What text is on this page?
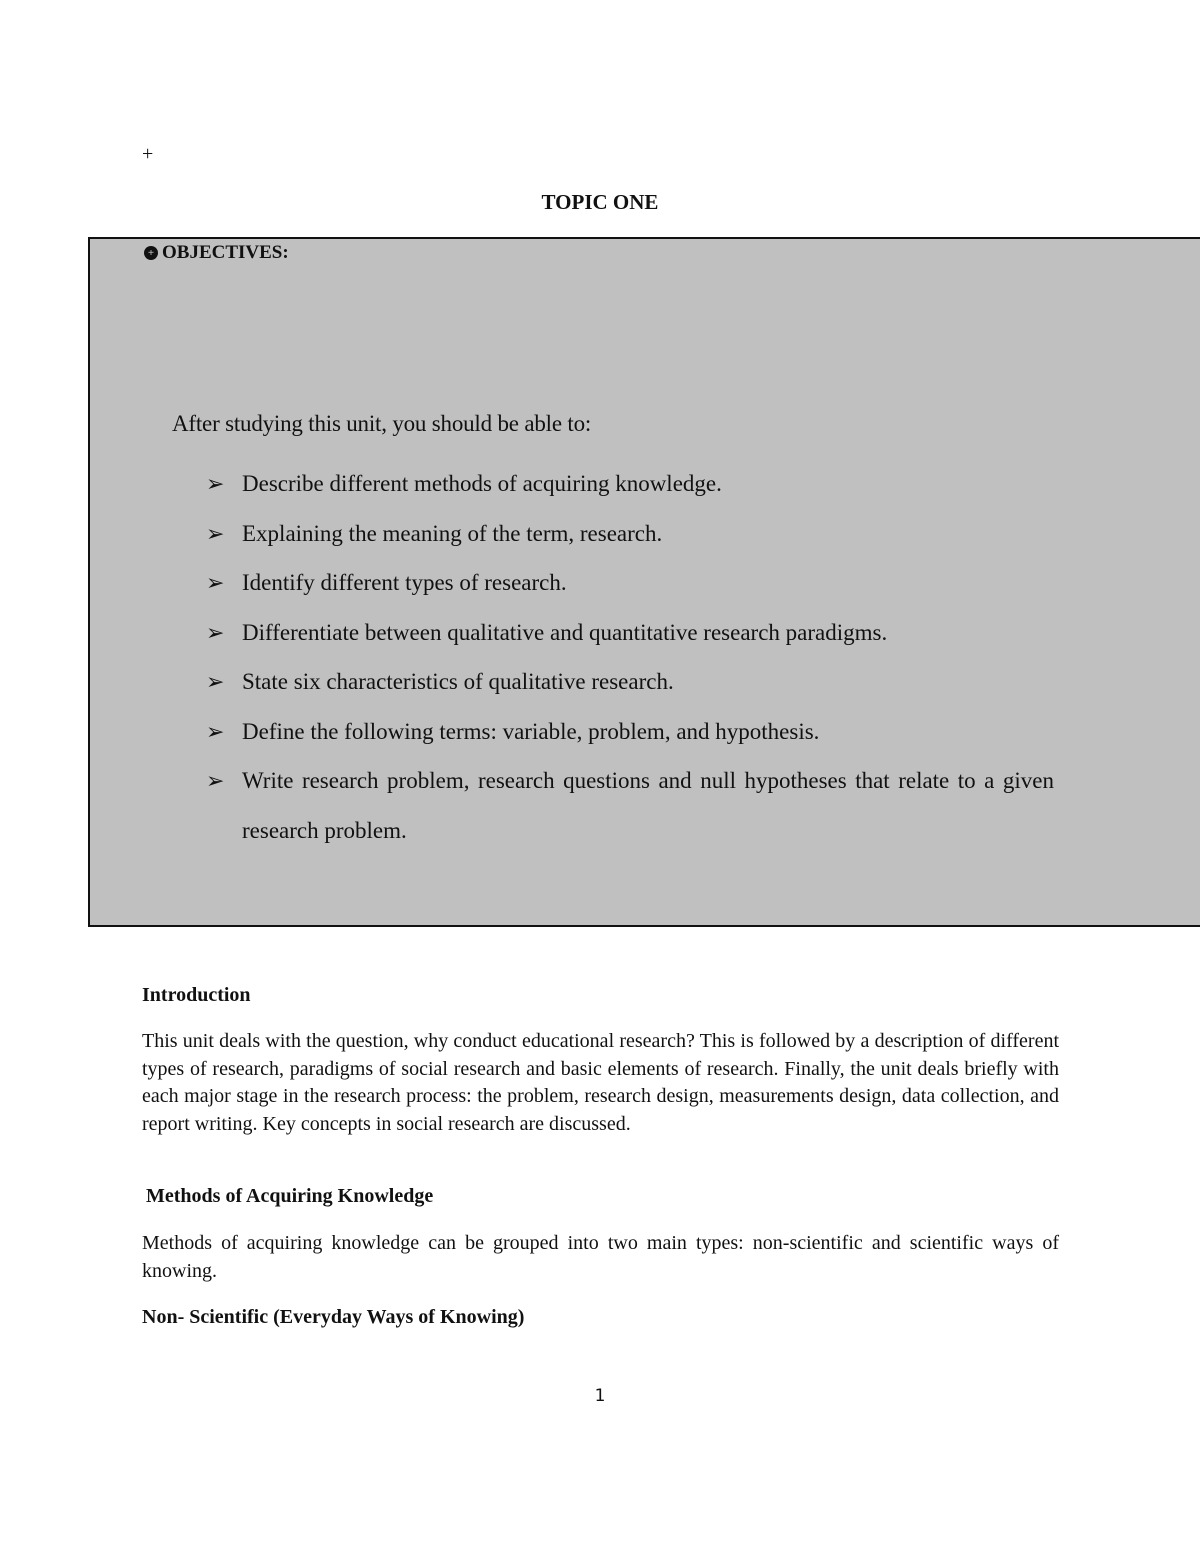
+
TOPIC ONE
+ OBJECTIVES:
After studying this unit, you should be able to:
➢ Describe different methods of acquiring knowledge.
➢ Explaining the meaning of the term, research.
➢ Identify different types of research.
➢ Differentiate between qualitative and quantitative research paradigms.
➢ State six characteristics of qualitative research.
➢ Define the following terms: variable, problem, and hypothesis.
➢ Write research problem, research questions and null hypotheses that relate to a given research problem.
Introduction
This unit deals with the question, why conduct educational research? This is followed by a description of different types of research, paradigms of social research and basic elements of research. Finally, the unit deals briefly with each major stage in the research process: the problem, research design, measurements design, data collection, and report writing. Key concepts in social research are discussed.
Methods of Acquiring Knowledge
Methods of acquiring knowledge can be grouped into two main types: non-scientific and scientific ways of knowing.
Non- Scientific (Everyday Ways of Knowing)
1
